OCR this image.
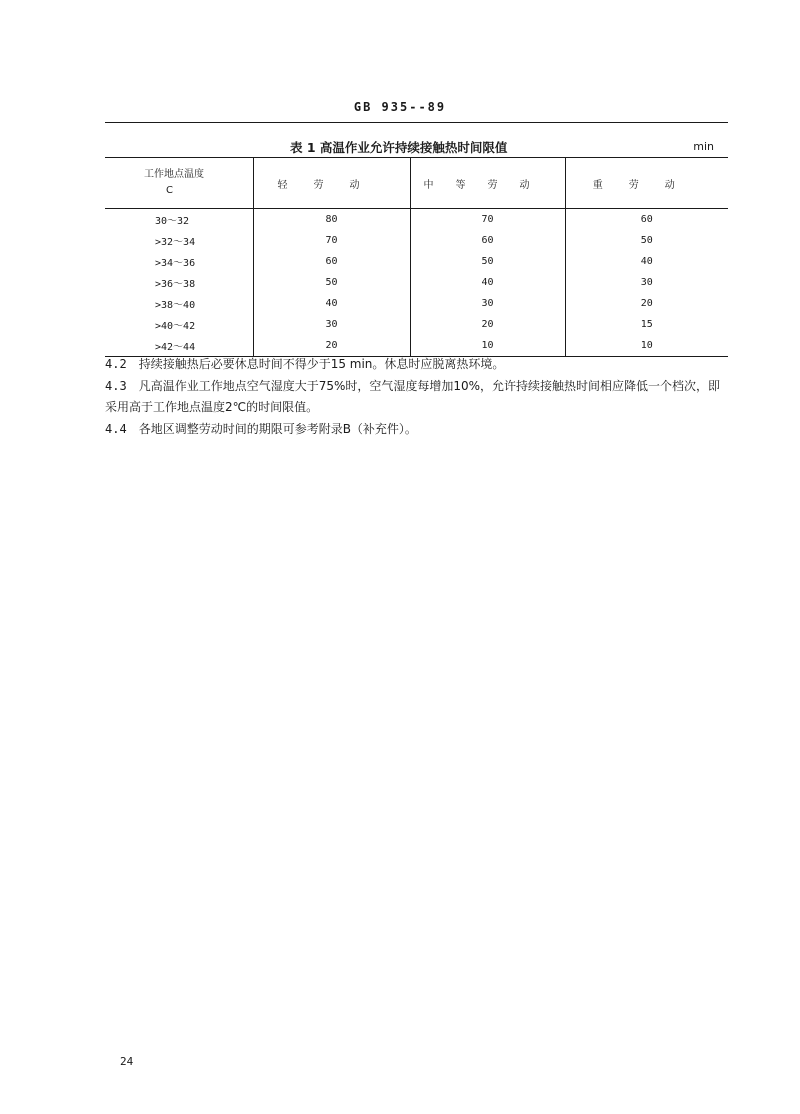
GB 935--89
表 1 高温作业允许持续接触热时间限值	min
工作地点温度
C	轻劳动	中等劳动	重劳动
30～32	80	70	60
>32～34	70	60	50
>34～36	60	50	40
>36～38	50	40	30
>38～40	40	30	20
>40～42	30	20	15
>42～44	20	10	10
4.2 持续接触热后必要休息时间不得少于15 min。休息时应脱离热环境。
4.3 凡高温作业工作地点空气湿度大于75%时，空气湿度每增加10%，允许持续接触热时间相应降低一个档次，即采用高于工作地点温度2℃的时间限值。
4.4 各地区调整劳动时间的期限可参考附录B（补充件）。
24
